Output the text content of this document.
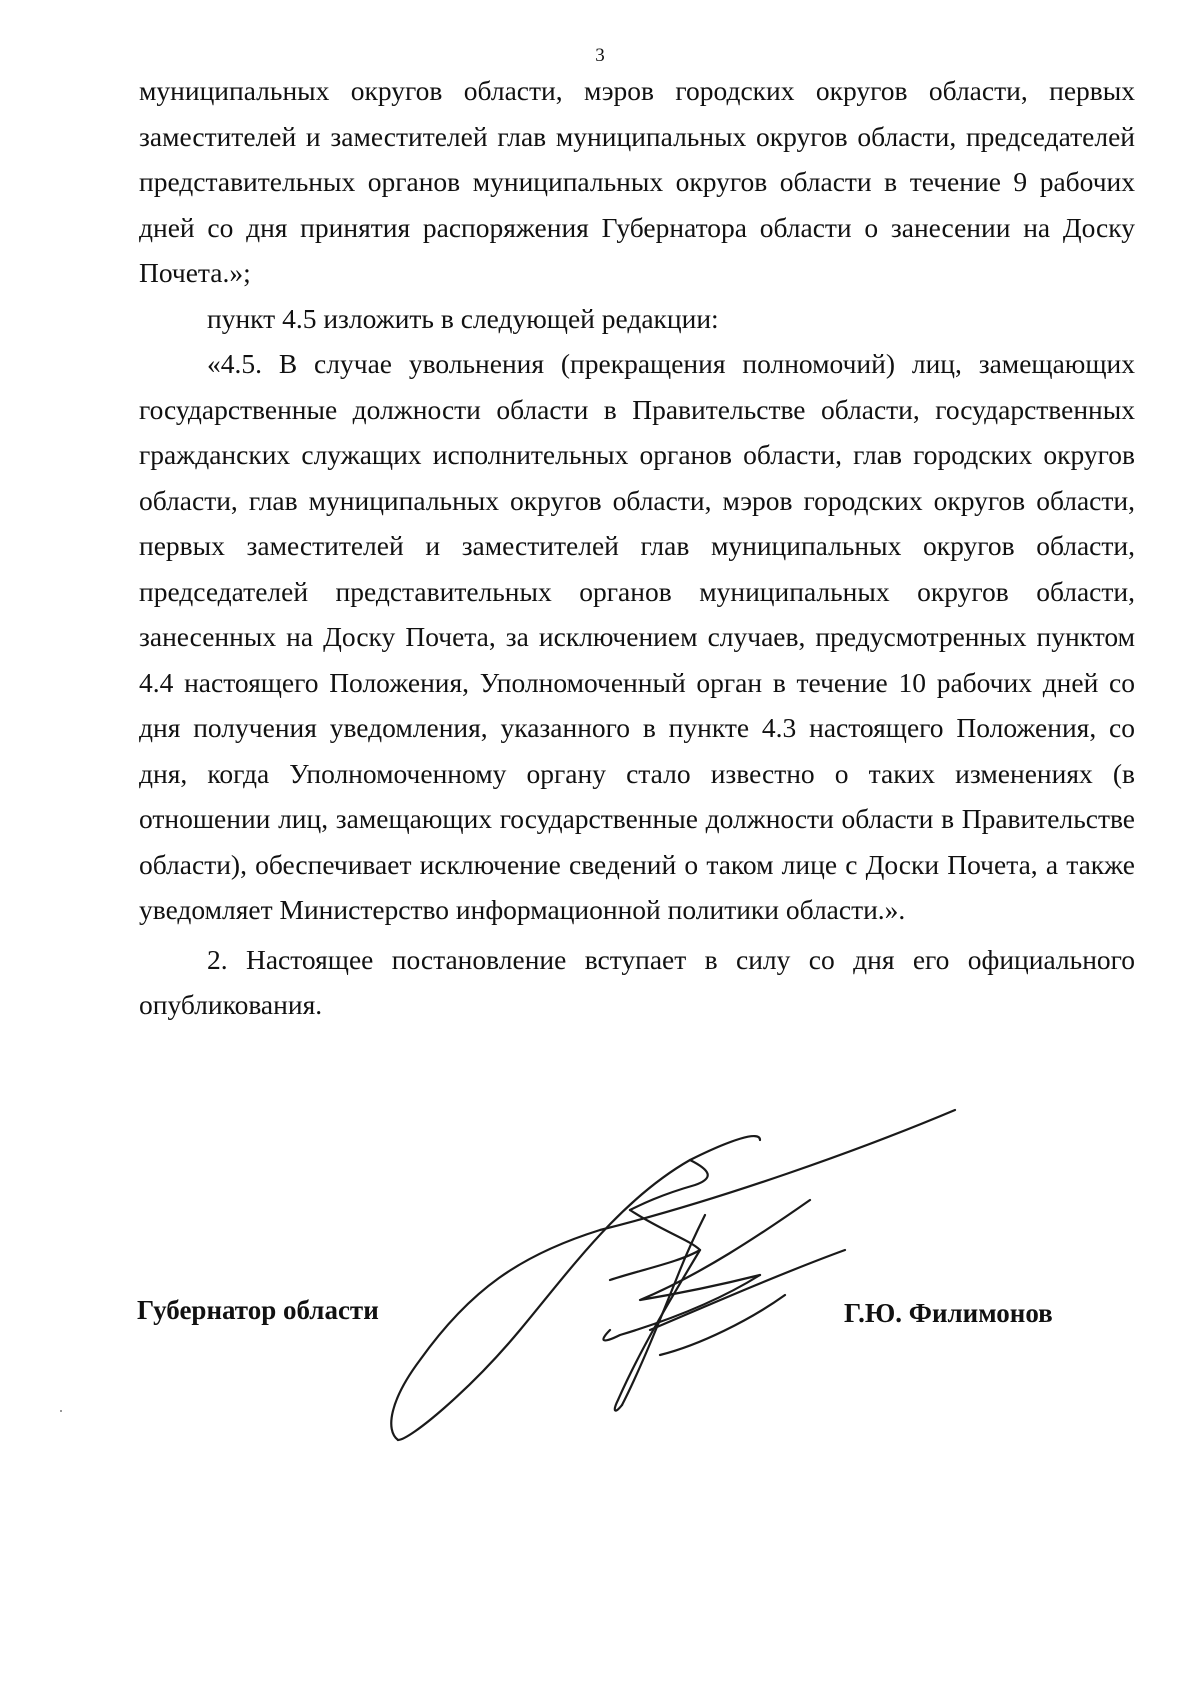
3

муниципальных округов области, мэров городских округов области, первых заместителей и заместителей глав муниципальных округов области, председателей представительных органов муниципальных округов области в течение 9 рабочих дней со дня принятия распоряжения Губернатора области о занесении на Доску Почета.»;

пункт 4.5 изложить в следующей редакции:

«4.5. В случае увольнения (прекращения полномочий) лиц, замещающих государственные должности области в Правительстве области, государственных гражданских служащих исполнительных органов области, глав городских округов области, глав муниципальных округов области, мэров городских округов области, первых заместителей и заместителей глав муниципальных округов области, председателей представительных органов муниципальных округов области, занесенных на Доску Почета, за исключением случаев, предусмотренных пунктом 4.4 настоящего Положения, Уполномоченный орган в течение 10 рабочих дней со дня получения уведомления, указанного в пункте 4.3 настоящего Положения, со дня, когда Уполномоченному органу стало известно о таких изменениях (в отношении лиц, замещающих государственные должности области в Правительстве области), обеспечивает исключение сведений о таком лице с Доски Почета, а также уведомляет Министерство информационной политики области.».

2. Настоящее постановление вступает в силу со дня его официального опубликования.

Губернатор области	Г.Ю. Филимонов
